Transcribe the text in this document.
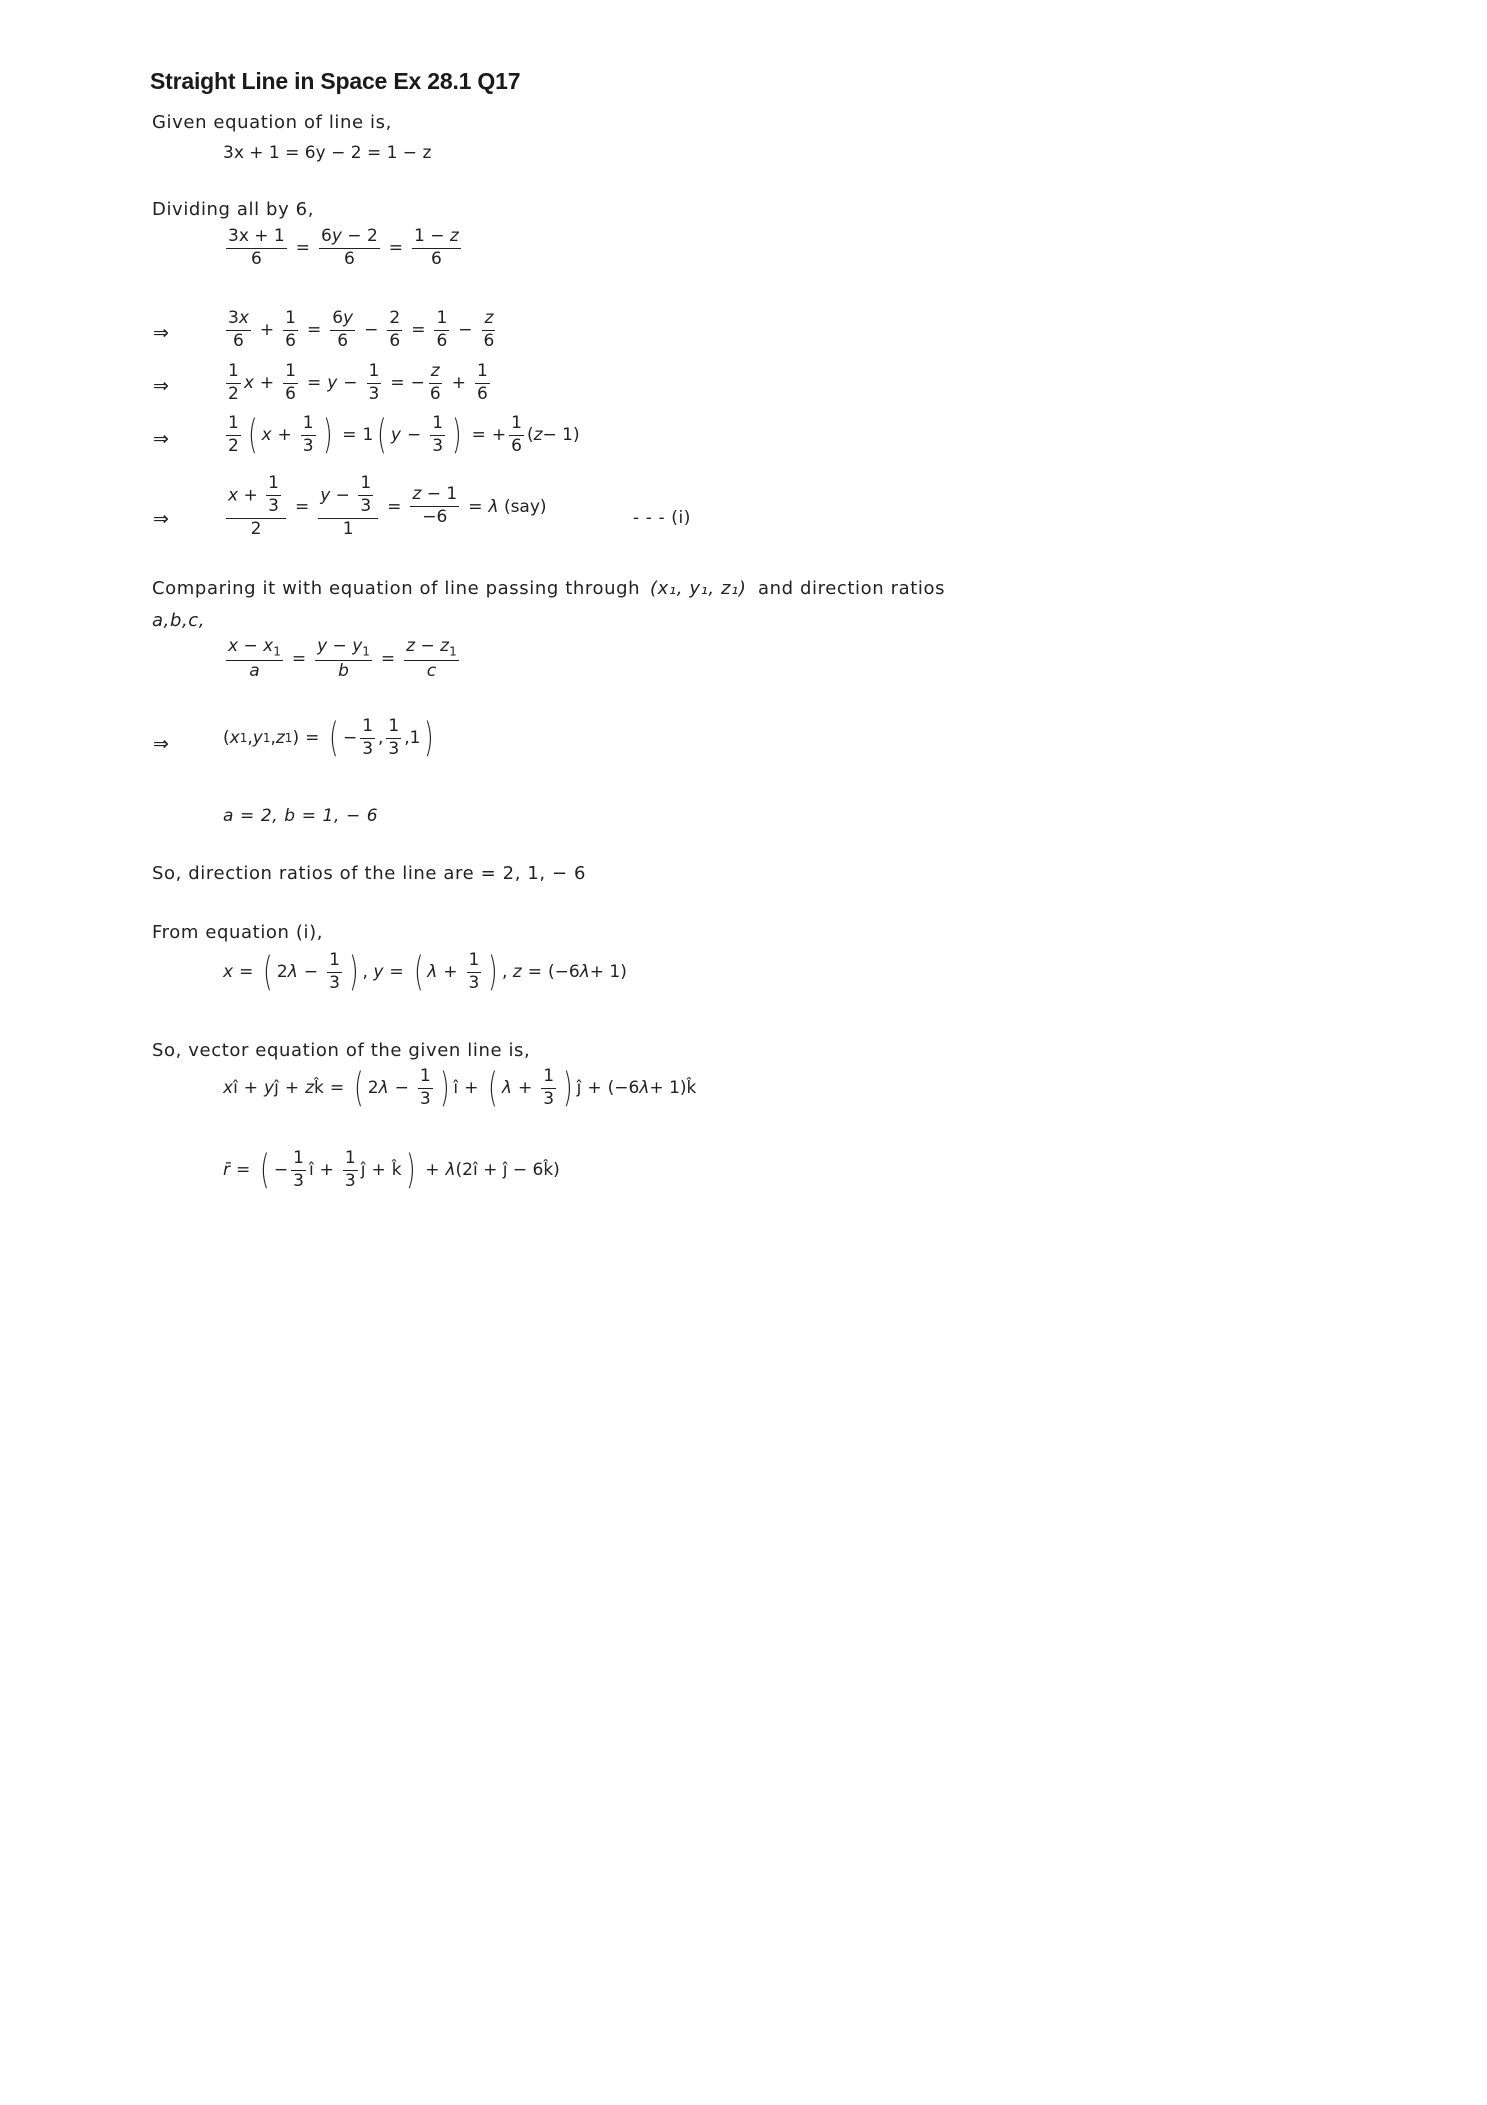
Straight Line in Space Ex 28.1 Q17
Given equation of line is,
3x + 1 = 6y − 2 = 1 − z
Dividing all by 6,
$\frac{3x + 1}{6} = \frac{6y - 2}{6} = \frac{1 - z}{6}$
⇒	$\frac{3x}{6} + \frac{1}{6} = \frac{6y}{6} - \frac{2}{6} = \frac{1}{6} - \frac{z}{6}$
⇒	$\frac{1}{2}$ $x + \frac{1}{6} = y - \frac{1}{3}$ = − $\frac{z}{6} + \frac{1}{6}$
⇒	$\frac{1}{2}$ ( $x + \frac{1}{3}$ ) = 1 ( $y - \frac{1}{3}$ ) = + $\frac{1}{6}$ ( z − 1)
⇒	$\frac{x + \frac{1}{3}}{2} = \frac{y - \frac{1}{3}}{1} = \frac{z - 1}{-6} = \lambda$
(say)
- - - (i)
Comparing it with equation of line passing through (x₁, y₁, z₁) and direction ratios
a,b,c,
$\frac{x - x_1}{a} = \frac{y - y_1}{b} = \frac{z - z_1}{c}$
⇒	( x 1 , y 1 , z 1 ) = ( − $\frac{1}{3}$ , $\frac{1}{3} ,1$ )
a = 2, b = 1, − 6
So, direction ratios of the line are = 2, 1, − 6
From equation (i),
x = ( 2 $\lambda - \frac{1}{3}$ ) , y = ( $\lambda + \frac{1}{3}$ ) , z = (−6 λ + 1)
So, vector equation of the given line is,
x î + y ĵ + z k̂ = ( 2 $\lambda - \frac{1}{3}$ ) î + ( $\lambda + \frac{1}{3}$ ) ĵ + (−6 λ + 1)k̂
r̄ = ( − $\frac{1}{3}$ î + $\frac{1}{3}$ ĵ + k̂ ) + λ (2î + ĵ − 6k̂)
